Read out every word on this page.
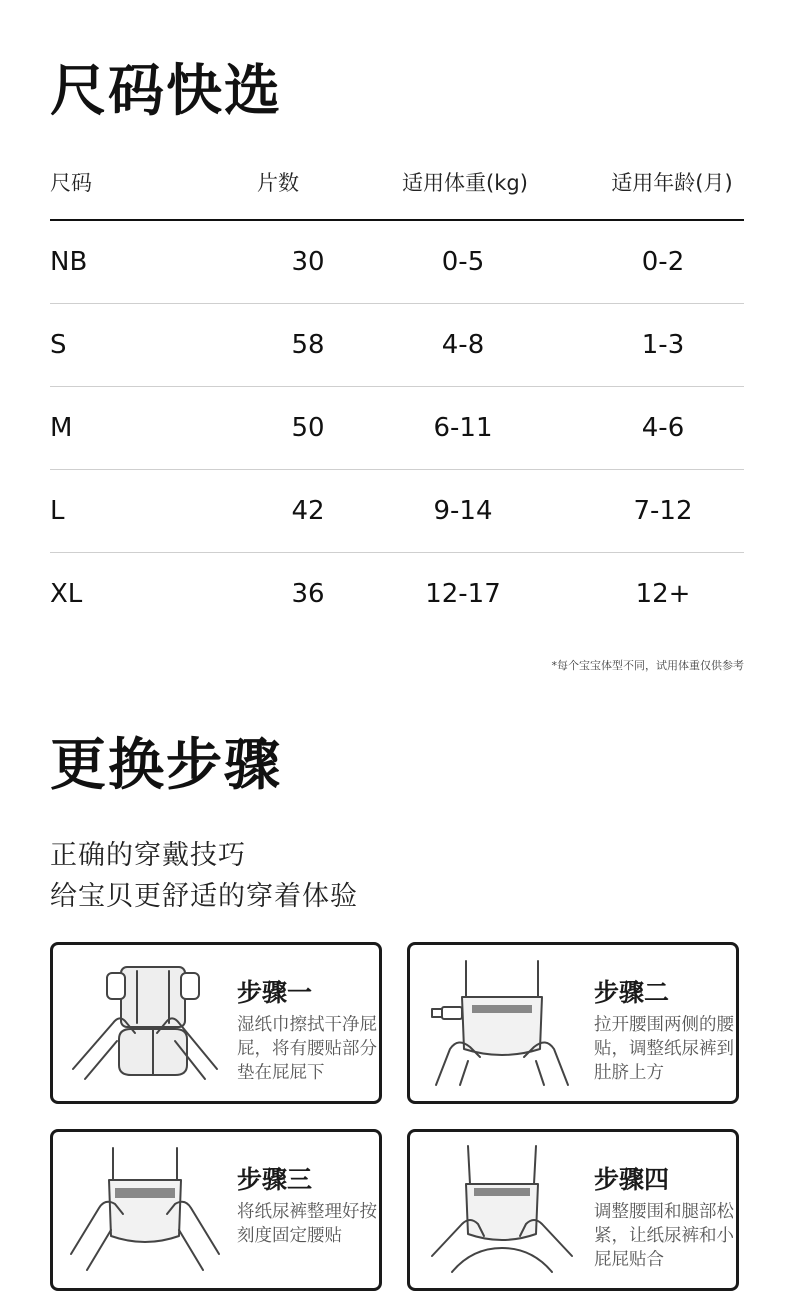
尺码快选
尺码	片数	适用体重(kg)	适用年龄(月)
NB	30	0-5	0-2
S	58	4-8	1-3
M	50	6-11	4-6
L	42	9-14	7-12
XL	36	12-17	12+
*每个宝宝体型不同，试用体重仅供参考
更换步骤
正确的穿戴技巧
给宝贝更舒适的穿着体验
步骤一
湿纸巾擦拭干净屁屁，将有腰贴部分垫在屁屁下
步骤二
拉开腰围两侧的腰贴，调整纸尿裤到肚脐上方
步骤三
将纸尿裤整理好按刻度固定腰贴
步骤四
调整腰围和腿部松紧，让纸尿裤和小屁屁贴合
